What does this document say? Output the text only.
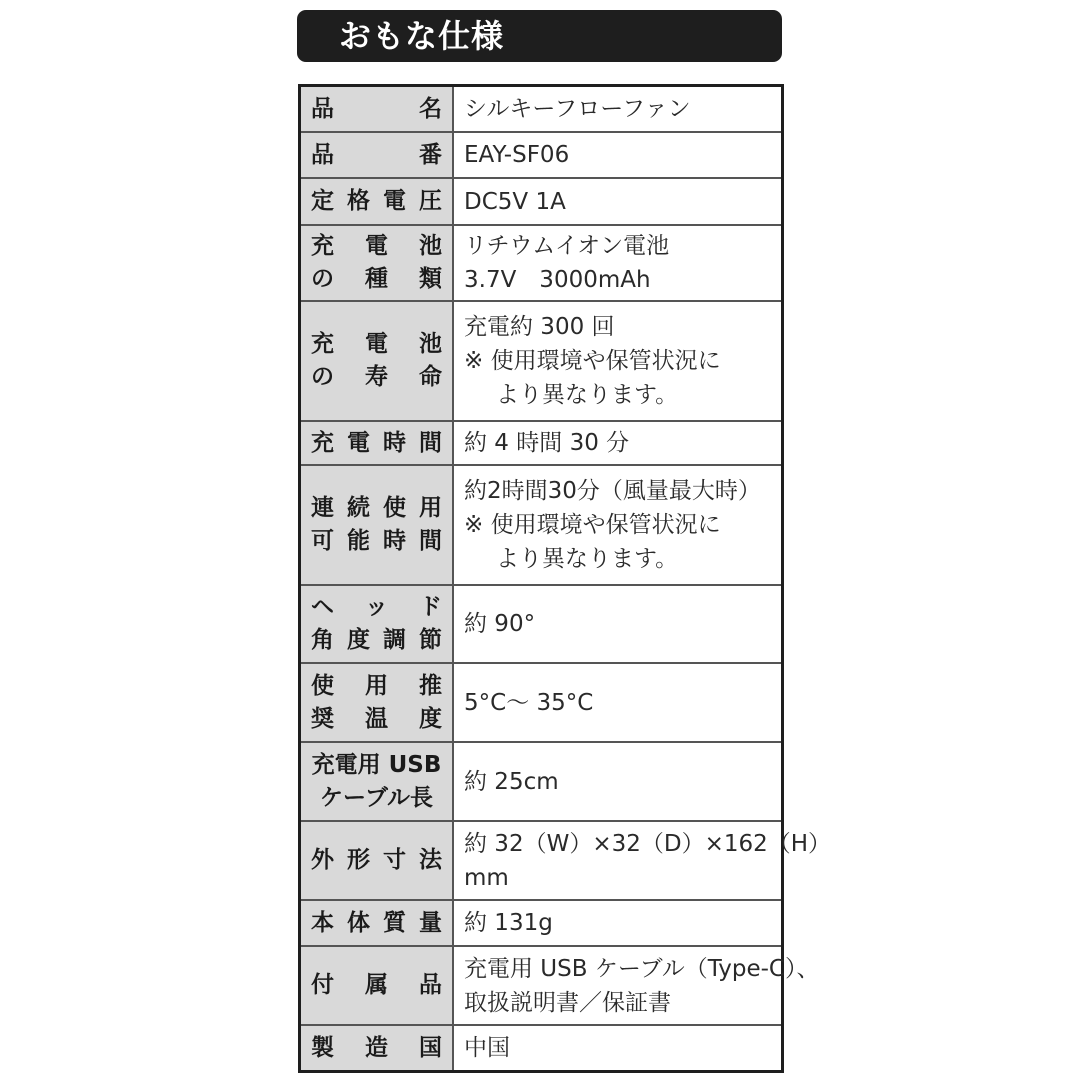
おもな仕様
品	名 シルキーフローファン
品	番 EAY-SF06
定 格 電 圧 DC5V 1A
充 電 池
の 種 類
リチウムイオン電池
3.7V　3000mAh
充 電 池
の 寿 命
充電約 300 回
※ 使用環境や保管状況に
より異なります。
充 電 時 間 約 4 時間 30 分
連 続 使 用
可 能 時 間
約2時間30分（風量最大時）
※ 使用環境や保管状況に
より異なります。
ヘ ッ ド
角 度 調 節
約 90°
使 用 推
奨 温 度
5°C〜 35°C
充電用 USB
ケーブル長
約 25cm
外 形 寸 法
約 32（W）×32（D）×162（H）
mm
本 体 質 量 約 131g
付 属 品
充電用 USB ケーブル（Type-C）、
取扱説明書／保証書
製 造 国 中国
